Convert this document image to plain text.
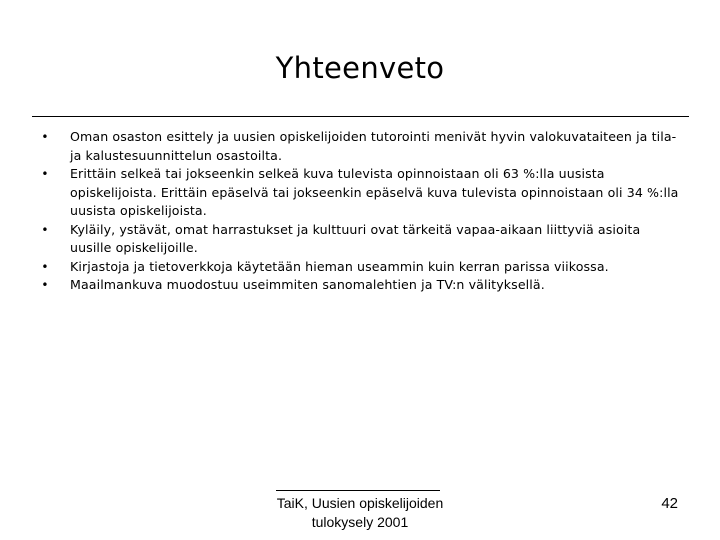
Yhteenveto
• Oman osaston esittely ja uusien opiskelijoiden tutorointi menivät hyvin valokuvataiteen ja tila- ja kalustesuunnittelun osastoilta.
• Erittäin selkeä tai jokseenkin selkeä kuva tulevista opinnoistaan oli 63 %:lla uusista opiskelijoista. Erittäin epäselvä tai jokseenkin epäselvä kuva tulevista opinnoistaan oli 34 %:lla uusista opiskelijoista.
• Kyläily, ystävät, omat harrastukset ja kulttuuri ovat tärkeitä vapaa-aikaan liittyviä asioita uusille opiskelijoille.
• Kirjastoja ja tietoverkkoja käytetään hieman useammin kuin kerran parissa viikossa.
• Maailmankuva muodostuu useimmiten sanomalehtien ja TV:n välityksellä.
TaiK, Uusien opiskelijoiden
tulokysely 2001
42
